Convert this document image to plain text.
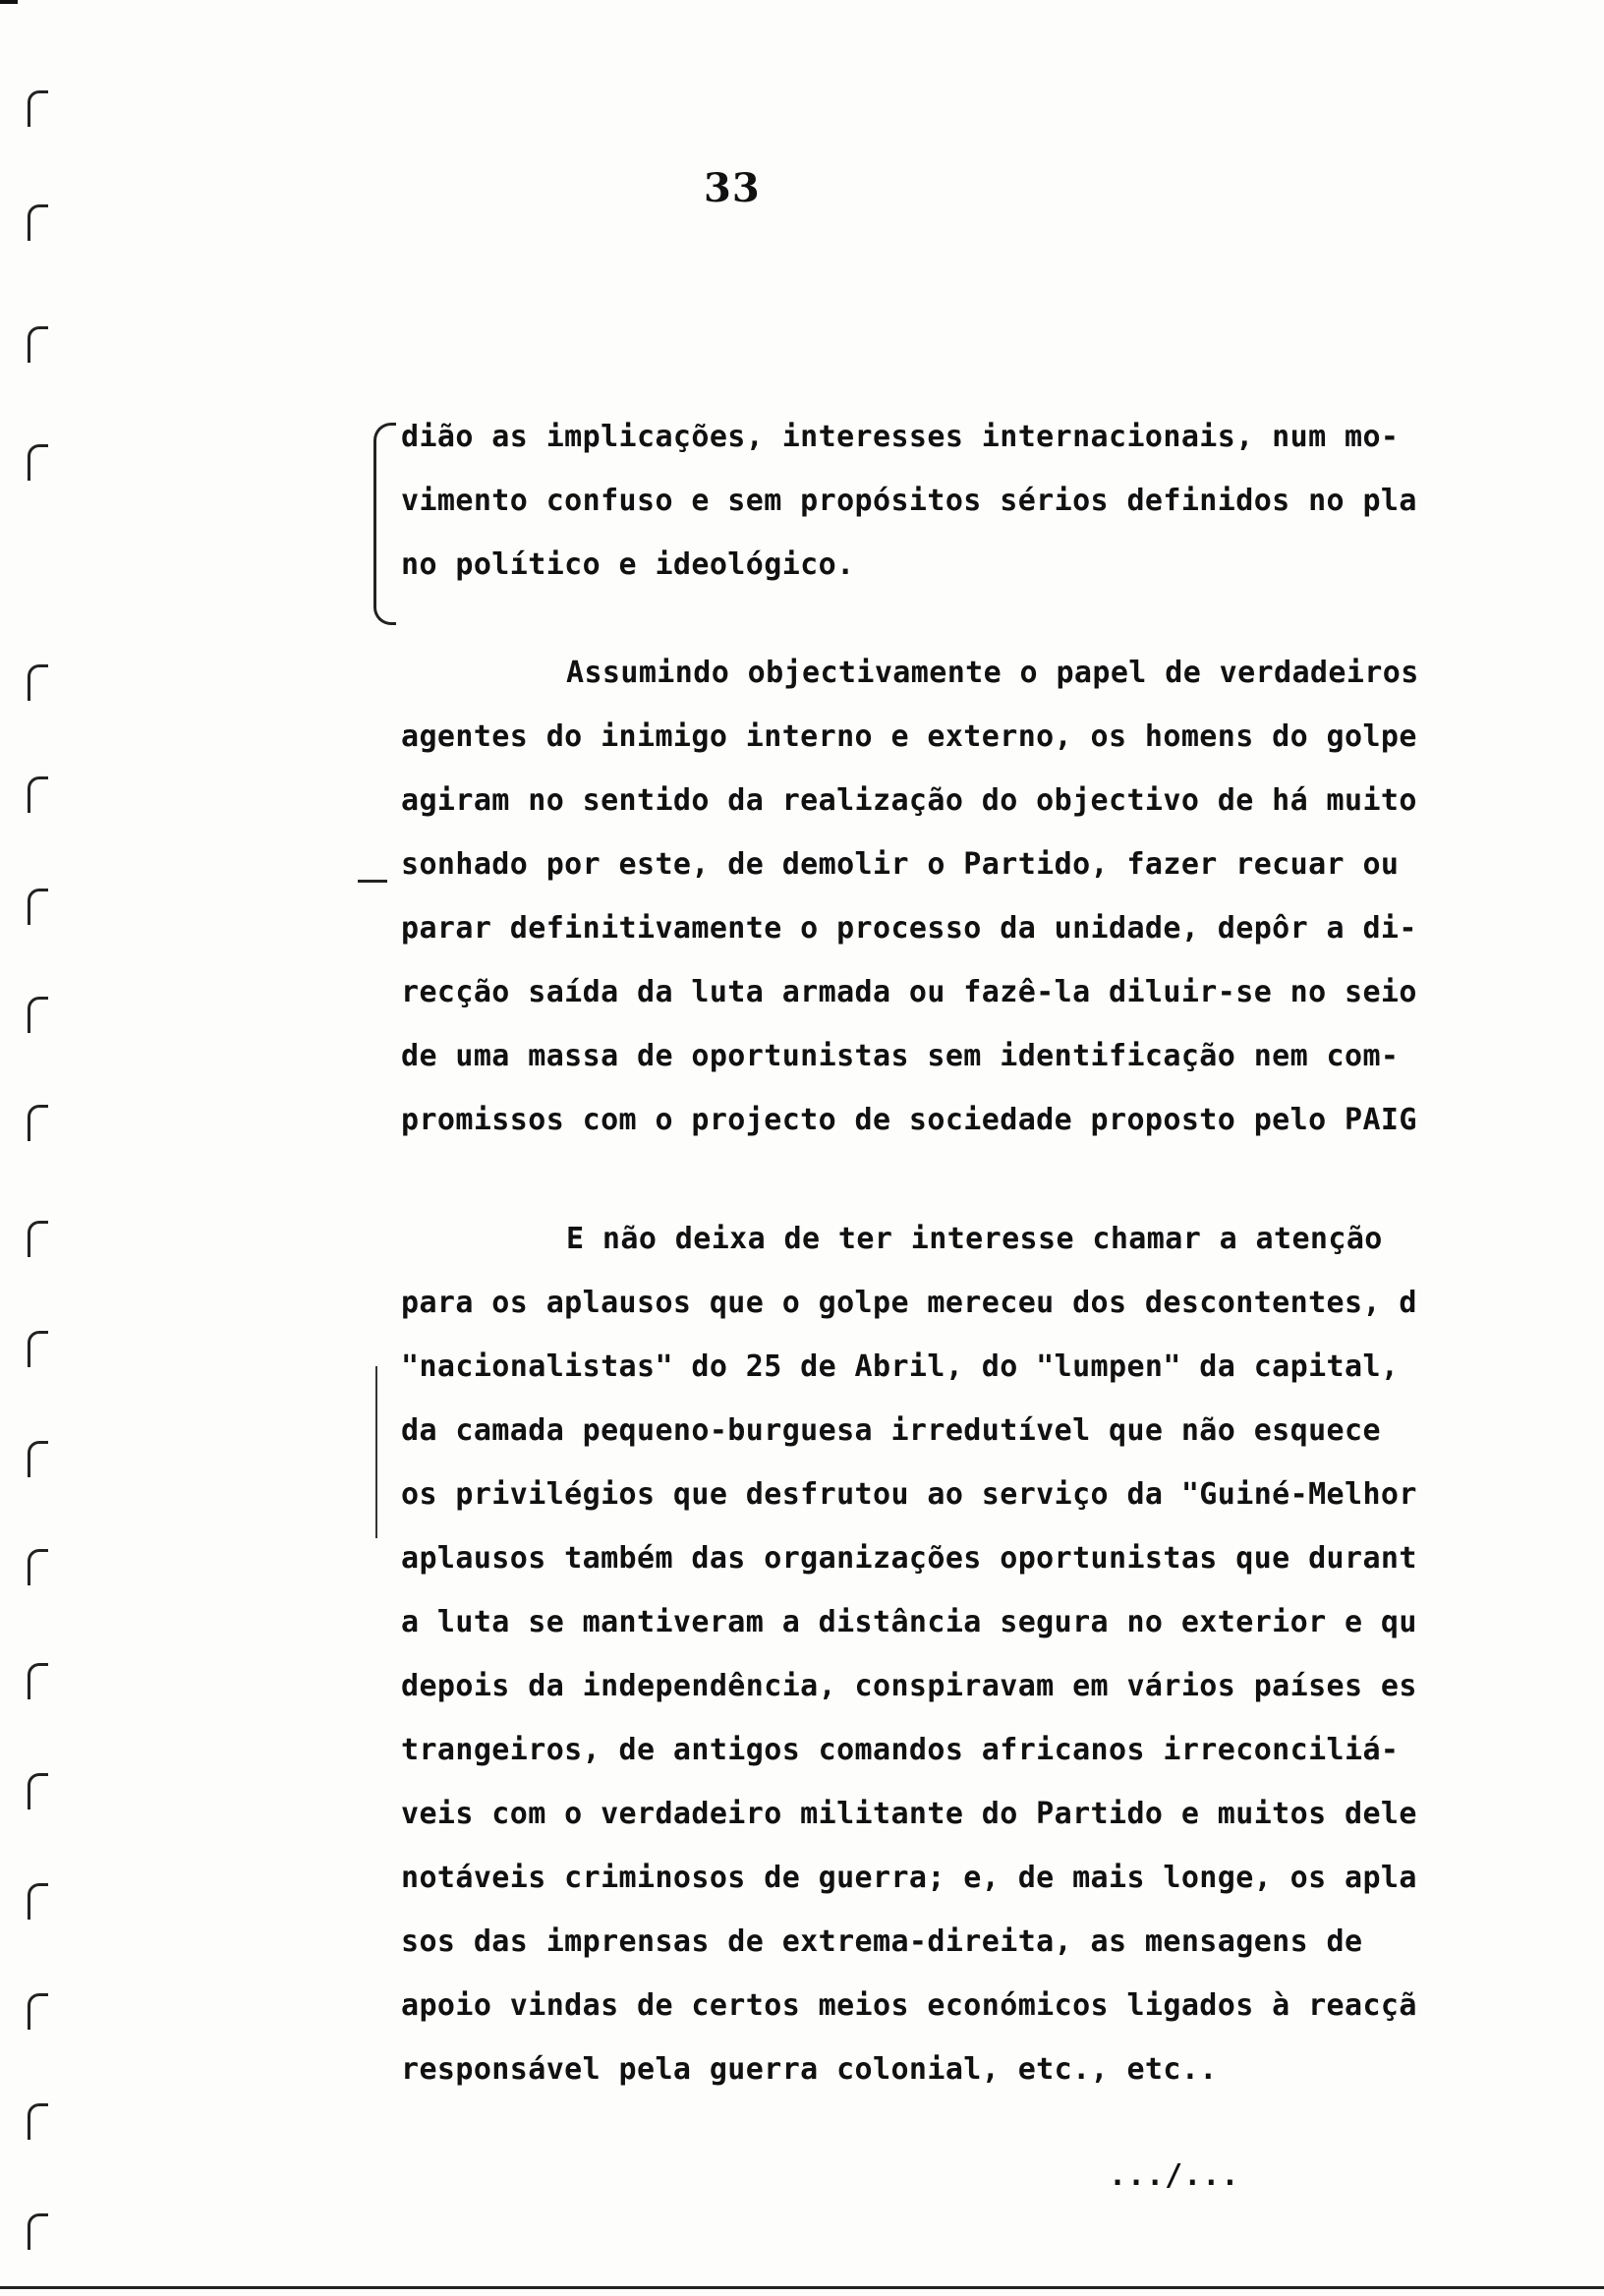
33
dião as implicações, interesses internacionais, num mo-
vimento confuso e sem propósitos sérios definidos no pla
no político e ideológico.
Assumindo objectivamente o papel de verdadeiros
agentes do inimigo interno e externo, os homens do golpe
agiram no sentido da realização do objectivo de há muito
sonhado por este, de demolir o Partido, fazer recuar ou
parar definitivamente o processo da unidade, depôr a di-
recção saída da luta armada ou fazê-la diluir-se no seio
de uma massa de oportunistas sem identificação nem com-
promissos com o projecto de sociedade proposto pelo PAIG
E não deixa de ter interesse chamar a atenção
para os aplausos que o golpe mereceu dos descontentes, d
"nacionalistas" do 25 de Abril, do "lumpen" da capital,
da camada pequeno-burguesa irredutível que não esquece
os privilégios que desfrutou ao serviço da "Guiné-Melhor
aplausos também das organizações oportunistas que durant
a luta se mantiveram a distância segura no exterior e qu
depois da independência, conspiravam em vários países es
trangeiros, de antigos comandos africanos irreconciliá-
veis com o verdadeiro militante do Partido e muitos dele
notáveis criminosos de guerra; e, de mais longe, os apla
sos das imprensas de extrema-direita, as mensagens de
apoio vindas de certos meios económicos ligados à reacçã
responsável pela guerra colonial, etc., etc..
.../...
